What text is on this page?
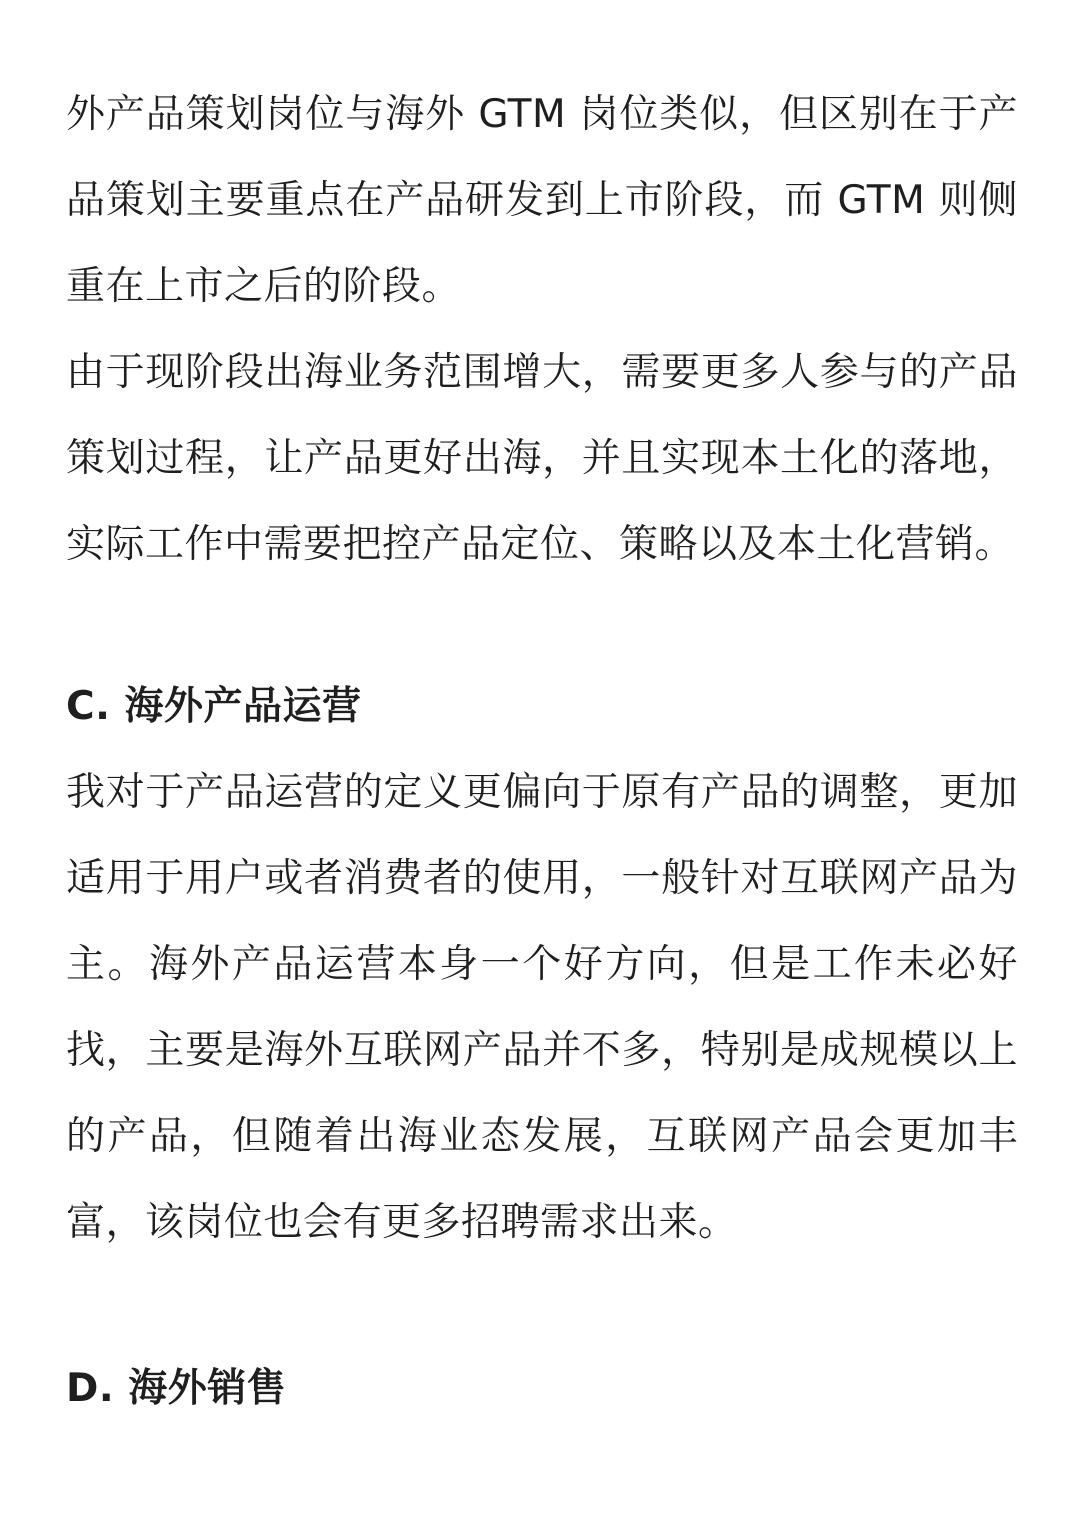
外产品策划岗位与海外 GTM 岗位类似，但区别在于产品策划主要重点在产品研发到上市阶段，而 GTM 则侧重在上市之后的阶段。

由于现阶段出海业务范围增大，需要更多人参与的产品策划过程，让产品更好出海，并且实现本土化的落地，实际工作中需要把控产品定位、策略以及本土化营销。

C. 海外产品运营

我对于产品运营的定义更偏向于原有产品的调整，更加适用于用户或者消费者的使用，一般针对互联网产品为主。海外产品运营本身一个好方向，但是工作未必好找，主要是海外互联网产品并不多，特别是成规模以上的产品，但随着出海业态发展，互联网产品会更加丰富，该岗位也会有更多招聘需求出来。

D. 海外销售
